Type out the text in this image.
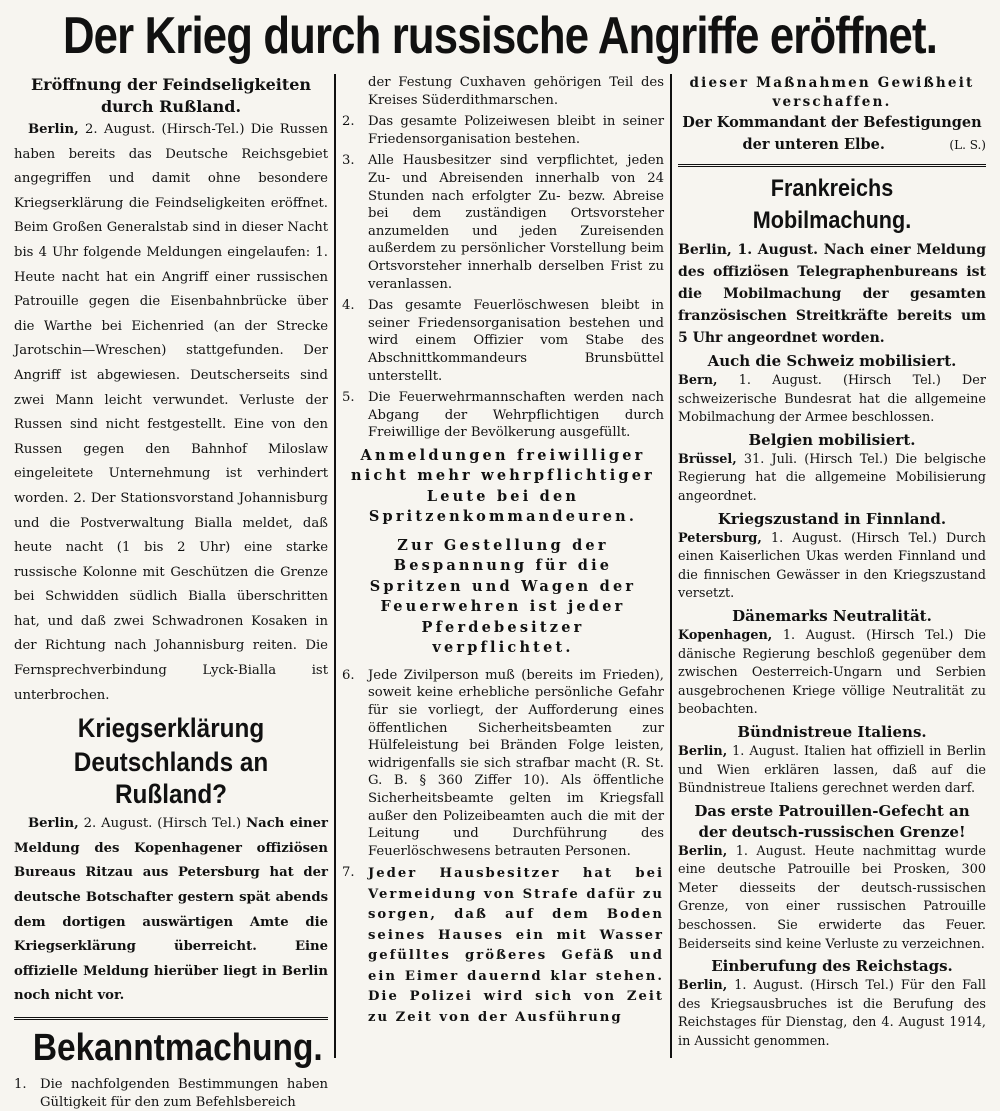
Der Krieg durch russische Angriffe eröffnet.
Eröffnung der Feindseligkeiten durch Rußland.

Berlin, 2. August. (Hirsch-Tel.) Die Russen haben bereits das Deutsche Reichsgebiet angegriffen und damit ohne besondere Kriegserklärung die Feindseligkeiten eröffnet. Beim Großen Generalstab sind in dieser Nacht bis 4 Uhr folgende Meldungen eingelaufen: 1. Heute nacht hat ein Angriff einer russischen Patrouille gegen die Eisenbahnbrücke über die Warthe bei Eichenried (an der Strecke Jarotschin—Wreschen) stattgefunden. Der Angriff ist abgewiesen. Deutscherseits sind zwei Mann leicht verwundet. Verluste der Russen sind nicht festgestellt. Eine von den Russen gegen den Bahnhof Miloslaw eingeleitete Unternehmung ist verhindert worden. 2. Der Stationsvorstand Johannisburg und die Postverwaltung Bialla meldet, daß heute nacht (1 bis 2 Uhr) eine starke russische Kolonne mit Geschützen die Grenze bei Schwidden südlich Bialla überschritten hat, und daß zwei Schwadronen Kosaken in der Richtung nach Johannisburg reiten. Die Fernsprechverbindung Lyck-Bialla ist unterbrochen.

Kriegserklärung
Deutschlands an Rußland?

Berlin, 2. August. (Hirsch Tel.) Nach einer Meldung des Kopenhagener offiziösen Bureaus Ritzau aus Petersburg hat der deutsche Botschafter gestern spät abends dem dortigen auswärtigen Amte die Kriegserklärung überreicht. Eine offizielle Meldung hierüber liegt in Berlin noch nicht vor.

Bekanntmachung.
1.	Die nachfolgenden Bestimmungen haben Gültigkeit für den zum Befehlsbereich

der Festung Cuxhaven gehörigen Teil des Kreises Süderdithmarschen.

2.	Das gesamte Polizeiwesen bleibt in seiner Friedensorganisation bestehen.
3.	Alle Hausbesitzer sind verpflichtet, jeden Zu- und Abreisenden innerhalb von 24 Stunden nach erfolgter Zu- bezw. Abreise bei dem zuständigen Ortsvorsteher anzumelden und jeden Zureisenden außerdem zu persönlicher Vorstellung beim Ortsvorsteher innerhalb derselben Frist zu veranlassen.
4.	Das gesamte Feuerlöschwesen bleibt in seiner Friedensorganisation bestehen und wird einem Offizier vom Stabe des Abschnittkommandeurs Brunsbüttel unterstellt.
5.	Die Feuerwehrmannschaften werden nach Abgang der Wehrpflichtigen durch Freiwillige der Bevölkerung ausgefüllt.
Anmeldungen freiwilliger nicht mehr wehrpflichtiger Leute bei den Spritzenkommandeuren.
Zur Gestellung der Bespannung für die Spritzen und Wagen der Feuerwehren ist jeder Pferdebesitzer verpflichtet.
6.	Jede Zivilperson muß (bereits im Frieden), soweit keine erhebliche persönliche Gefahr für sie vorliegt, der Aufforderung eines öffentlichen Sicherheitsbeamten zur Hülfeleistung bei Bränden Folge leisten, widrigenfalls sie sich strafbar macht (R. St. G. B. § 360 Ziffer 10). Als öffentliche Sicherheitsbeamte gelten im Kriegsfall außer den Polizeibeamten auch die mit der Leitung und Durchführung des Feuerlöschwesens betrauten Personen.
7.	Jeder Hausbesitzer hat bei Vermeidung von Strafe dafür zu sorgen, daß auf dem Boden seines Hauses ein mit Wasser gefülltes größeres Gefäß und ein Eimer dauernd klar stehen. Die Polizei wird sich von Zeit zu Zeit von der Ausführung

dieser Maßnahmen Gewißheit verschaffen.

Der Kommandant der Befestigungen der unteren Elbe.	(L. S.)
Frankreichs Mobilmachung.

Berlin, 1. August. Nach einer Meldung des offiziösen Telegraphenbureans ist die Mobilmachung der gesamten französischen Streitkräfte bereits um 5 Uhr angeordnet worden.

Auch die Schweiz mobilisiert.

Bern, 1. August. (Hirsch Tel.) Der schweizerische Bundesrat hat die allgemeine Mobilmachung der Armee beschlossen.

Belgien mobilisiert.

Brüssel, 31. Juli. (Hirsch Tel.) Die belgische Regierung hat die allgemeine Mobilisierung angeordnet.

Kriegszustand in Finnland.

Petersburg, 1. August. (Hirsch Tel.) Durch einen Kaiserlichen Ukas werden Finnland und die finnischen Gewässer in den Kriegszustand versetzt.

Dänemarks Neutralität.

Kopenhagen, 1. August. (Hirsch Tel.) Die dänische Regierung beschloß gegenüber dem zwischen Oesterreich-Ungarn und Serbien ausgebrochenen Kriege völlige Neutralität zu beobachten.

Bündnistreue Italiens.

Berlin, 1. August. Italien hat offiziell in Berlin und Wien erklären lassen, daß auf die Bündnistreue Italiens gerechnet werden darf.

Das erste Patrouillen-Gefecht an der deutsch-russischen Grenze!

Berlin, 1. August. Heute nachmittag wurde eine deutsche Patrouille bei Prosken, 300 Meter diesseits der deutsch-russischen Grenze, von einer russischen Patrouille beschossen. Sie erwiderte das Feuer. Beiderseits sind keine Verluste zu verzeichnen.

Einberufung des Reichstags.

Berlin, 1. August. (Hirsch Tel.) Für den Fall des Kriegsausbruches ist die Berufung des Reichstages für Dienstag, den 4. August 1914, in Aussicht genommen.
